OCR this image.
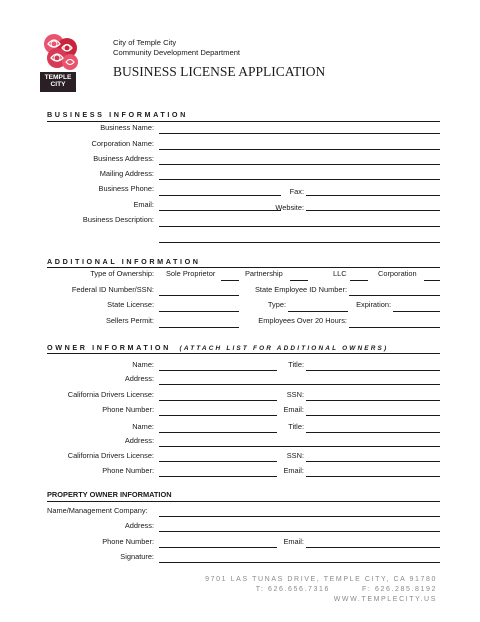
TEMPLE CITY
City of Temple City
Community Development Department
BUSINESS LICENSE APPLICATION
BUSINESS INFORMATION
Business Name:
Corporation Name:
Business Address:
Mailing Address:
Business Phone:	Fax:
Email:	Website:
Business Description:
ADDITIONAL INFORMATION
Type of Ownership: Sole Proprietor	Partnership	LLC	Corporation
Federal ID Number/SSN:	State Employee ID Number:
State License:	Type:	Expiration:
Sellers Permit:	Employees Over 20 Hours:
OWNER INFORMATION (ATTACH LIST FOR ADDITIONAL OWNERS)
Name:	Title:
Address:
California Drivers License:	SSN:
Phone Number:	Email:
Name:	Title:
Address:
California Drivers License:	SSN:
Phone Number:	Email:
PROPERTY OWNER INFORMATION
Name/Management Company:
Address:
Phone Number:	Email:
Signature:
9701 LAS TUNAS DRIVE, TEMPLE CITY, CA 91780
F: 626.285.8192
T: 626.656.7316
WWW.TEMPLECITY.US
